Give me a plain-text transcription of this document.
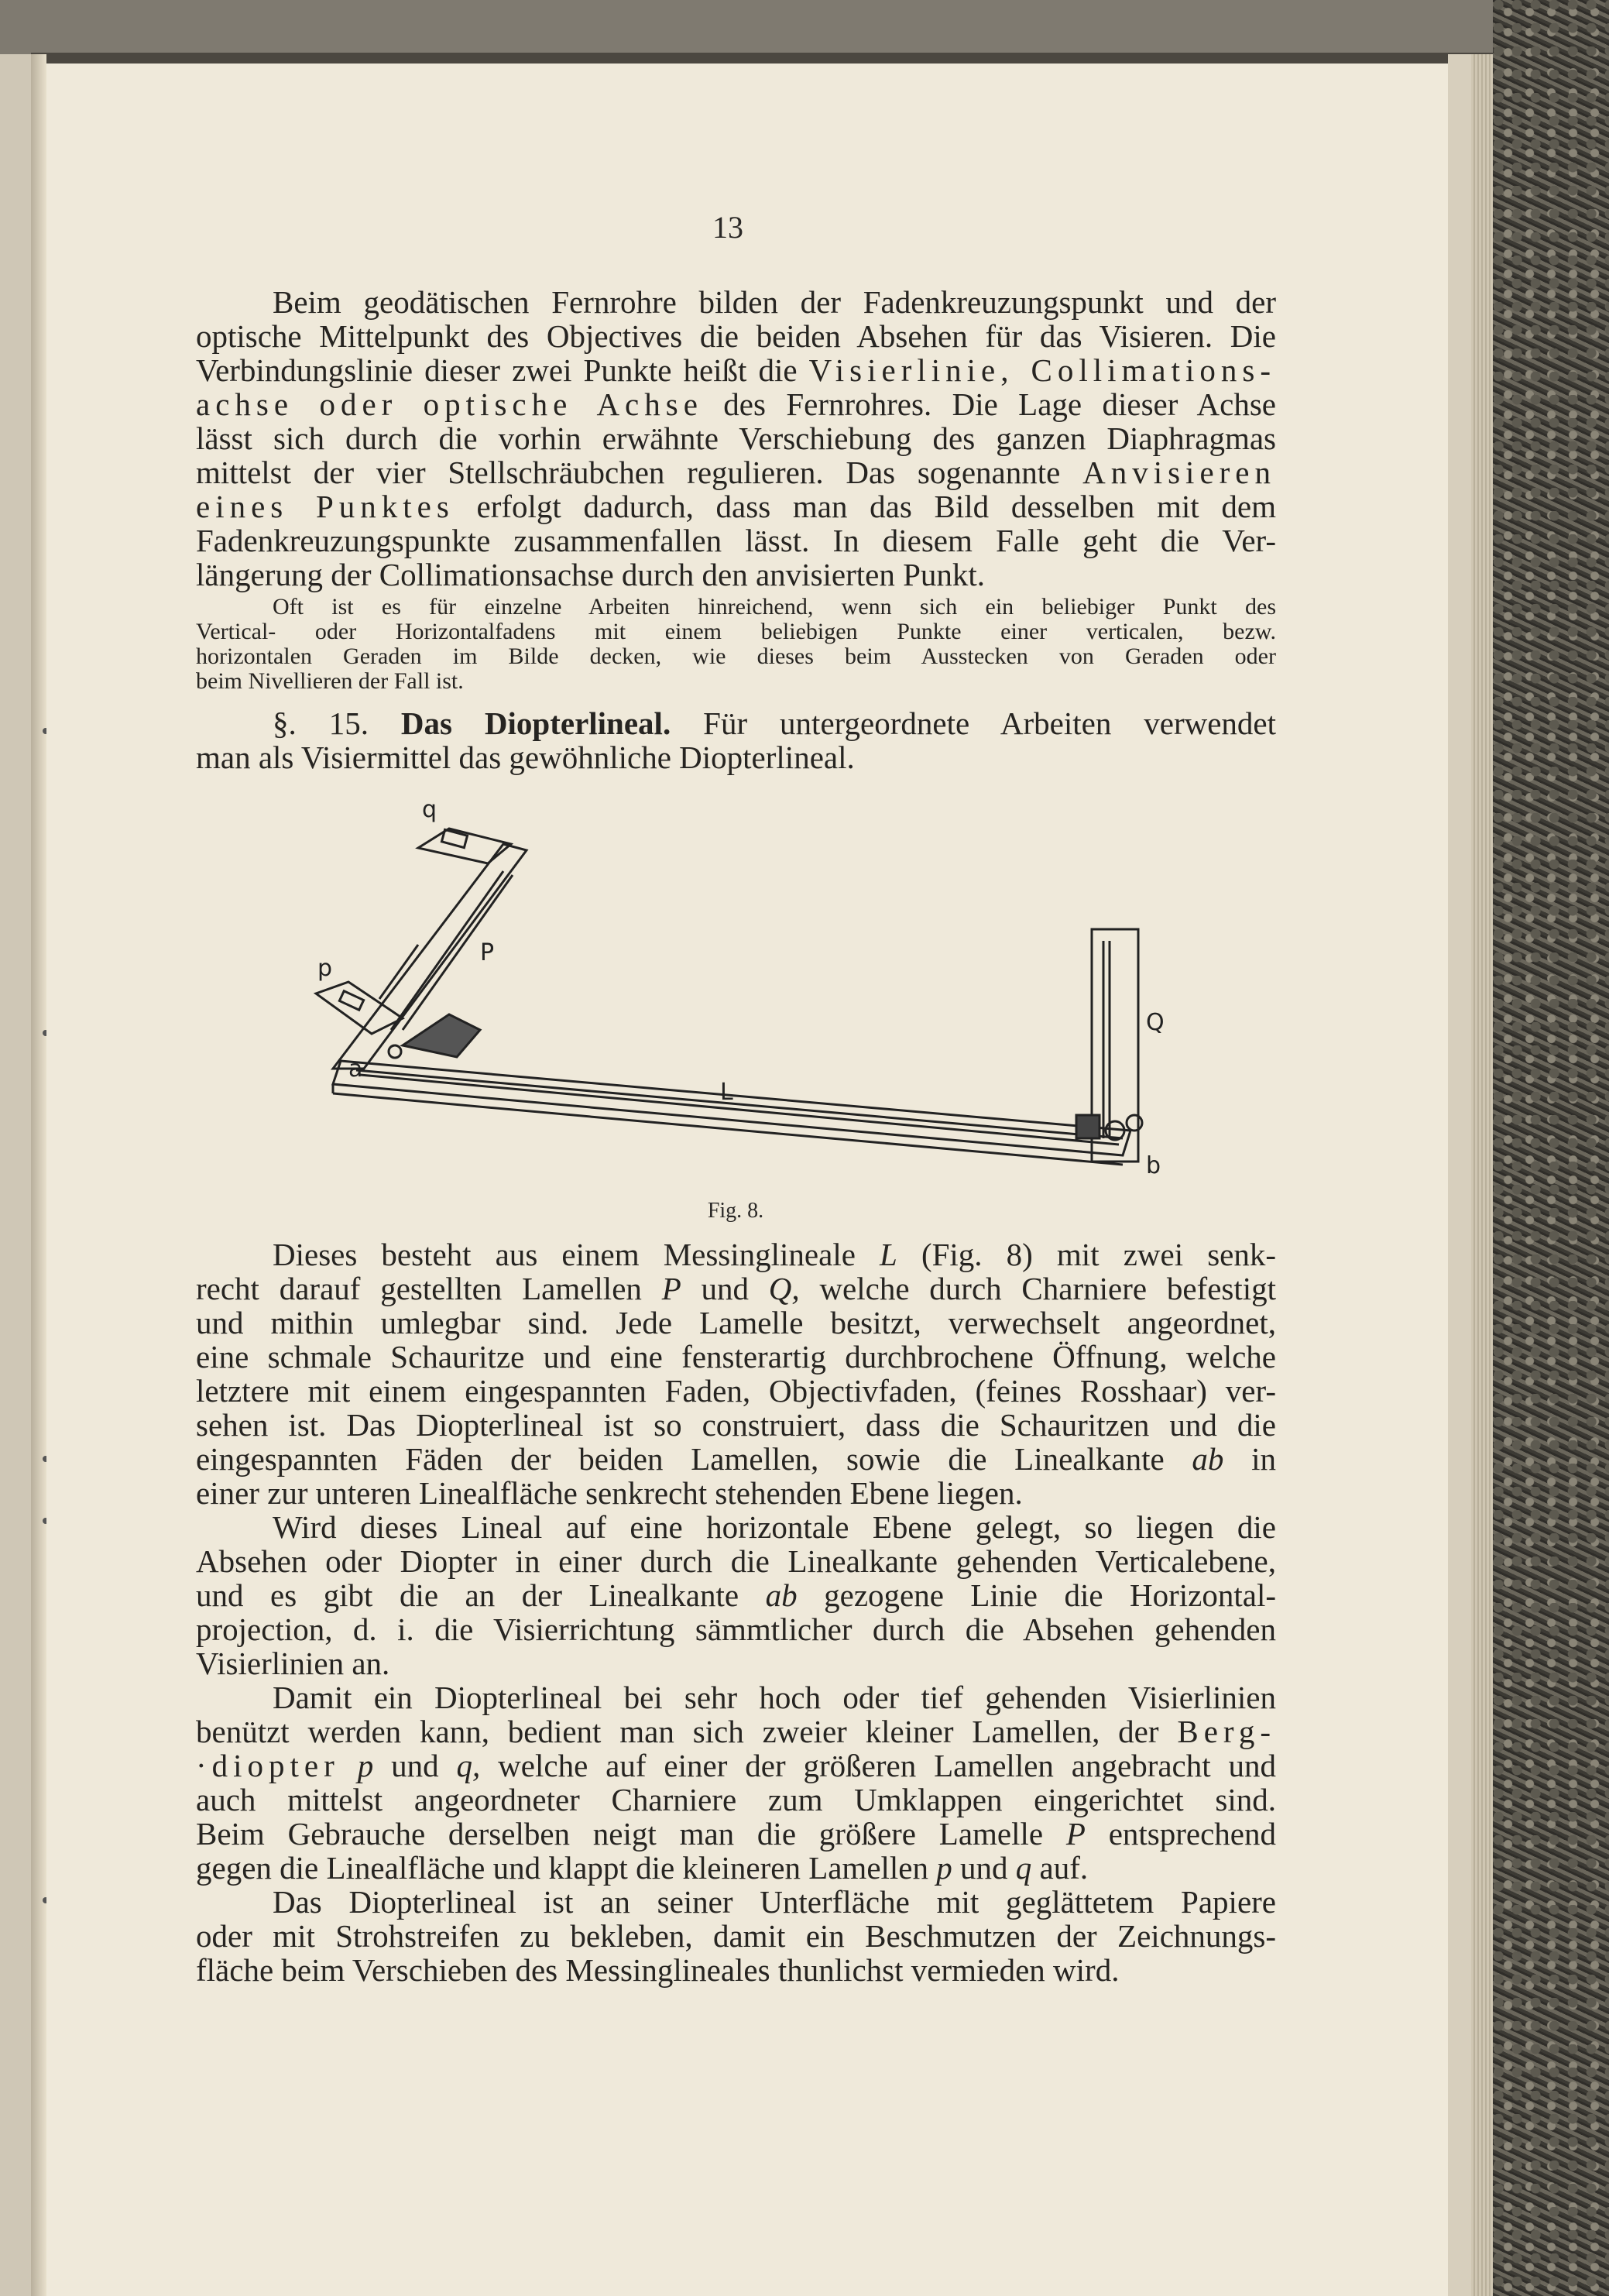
13
Beim geodätischen Fernrohre bilden der Fadenkreuzungspunkt und der
optische Mittelpunkt des Objectives die beiden Absehen für das Visieren. Die
Verbindungslinie dieser zwei Punkte heißt die Visierlinie, Collimations-
achse oder optische Achse des Fernrohres. Die Lage dieser Achse
lässt sich durch die vorhin erwähnte Verschiebung des ganzen Diaphragmas
mittelst der vier Stellschräubchen regulieren. Das sogenannte Anvisieren
eines Punktes erfolgt dadurch, dass man das Bild desselben mit dem
Fadenkreuzungspunkte zusammenfallen lässt. In diesem Falle geht die Ver-
längerung der Collimationsachse durch den anvisierten Punkt.
Oft ist es für einzelne Arbeiten hinreichend, wenn sich ein beliebiger Punkt des
Vertical- oder Horizontalfadens mit einem beliebigen Punkte einer verticalen, bezw.
horizontalen Geraden im Bilde decken, wie dieses beim Ausstecken von Geraden oder
beim Nivellieren der Fall ist.
§. 15. Das Diopterlineal. Für untergeordnete Arbeiten verwendet
man als Visiermittel das gewöhnliche Diopterlineal.
q
p
P
a
L
Q
b
Fig. 8.
Dieses besteht aus einem Messinglineale L (Fig. 8) mit zwei senk-
recht darauf gestellten Lamellen P und Q, welche durch Charniere befestigt
und mithin umlegbar sind. Jede Lamelle besitzt, verwechselt angeordnet,
eine schmale Schauritze und eine fensterartig durchbrochene Öffnung, welche
letztere mit einem eingespannten Faden, Objectivfaden, (feines Rosshaar) ver-
sehen ist. Das Diopterlineal ist so construiert, dass die Schauritzen und die
eingespannten Fäden der beiden Lamellen, sowie die Linealkante ab in
einer zur unteren Linealfläche senkrecht stehenden Ebene liegen.
Wird dieses Lineal auf eine horizontale Ebene gelegt, so liegen die
Absehen oder Diopter in einer durch die Linealkante gehenden Verticalebene,
und es gibt die an der Linealkante ab gezogene Linie die Horizontal-
projection, d. i. die Visierrichtung sämmtlicher durch die Absehen gehenden
Visierlinien an.
Damit ein Diopterlineal bei sehr hoch oder tief gehenden Visierlinien
benützt werden kann, bedient man sich zweier kleiner Lamellen, der Berg-
·diopter p und q, welche auf einer der größeren Lamellen angebracht und
auch mittelst angeordneter Charniere zum Umklappen eingerichtet sind.
Beim Gebrauche derselben neigt man die größere Lamelle P entsprechend
gegen die Linealfläche und klappt die kleineren Lamellen p und q auf.
Das Diopterlineal ist an seiner Unterfläche mit geglättetem Papiere
oder mit Strohstreifen zu bekleben, damit ein Beschmutzen der Zeichnungs-
fläche beim Verschieben des Messinglineales thunlichst vermieden wird.
